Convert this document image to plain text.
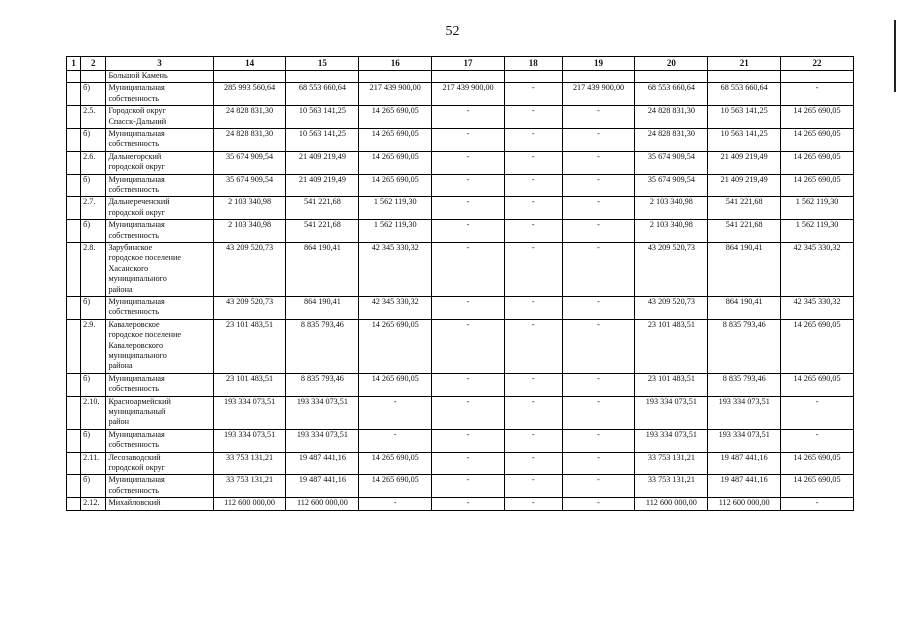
52
1	2	3	14	15	16	17	18	19	20	21	22

		Большой Камень									

	б)	Муниципальная
собственность	285 993 560,64	68 553 660,64	217 439 900,00	217 439 900,00	-	217 439 900,00	68 553 660,64	68 553 660,64	-
	2.5.	Городской округ
Спасск-Дальний	24 828 831,30	10 563 141,25	14 265 690,05	-	-	-	24 828 831,30	10 563 141,25	14 265 690,05
	б)	Муниципальная
собственность	24 828 831,30	10 563 141,25	14 265 690,05	-	-	-	24 828 831,30	10 563 141,25	14 265 690,05
	2.6.	Дальнегорский
городской округ	35 674 909,54	21 409 219,49	14 265 690,05	-	-	-	35 674 909,54	21 409 219,49	14 265 690,05
	б)	Муниципальная
собственность	35 674 909,54	21 409 219,49	14 265 690,05	-	-	-	35 674 909,54	21 409 219,49	14 265 690,05
	2.7.	Дальнереченский
городской округ	2 103 340,98	541 221,68	1 562 119,30	-	-	-	2 103 340,98	541 221,68	1 562 119,30
	б)	Муниципальная
собственность	2 103 340,98	541 221,68	1 562 119,30	-	-	-	2 103 340,98	541 221,68	1 562 119,30
	2.8.	Зарубинское
городское поселение
Хасанского
муниципального
района	43 209 520,73	864 190,41	42 345 330,32	-	-	-	43 209 520,73	864 190,41	42 345 330,32
	б)	Муниципальная
собственность	43 209 520,73	864 190,41	42 345 330,32	-	-	-	43 209 520,73	864 190,41	42 345 330,32
	2.9.	Кавалеровское
городское поселение
Кавалеровского
муниципального
района	23 101 483,51	8 835 793,46	14 265 690,05	-	-	-	23 101 483,51	8 835 793,46	14 265 690,05
	б)	Муниципальная
собственность	23 101 483,51	8 835 793,46	14 265 690,05	-	-	-	23 101 483,51	8 835 793,46	14 265 690,05
	2.10.	Красноармейский
муниципальный
район	193 334 073,51	193 334 073,51	-	-	-	-	193 334 073,51	193 334 073,51	-
	б)	Муниципальная
собственность	193 334 073,51	193 334 073,51	-	-	-	-	193 334 073,51	193 334 073,51	-
	2.11.	Лесозаводский
городской округ	33 753 131,21	19 487 441,16	14 265 690,05	-	-	-	33 753 131,21	19 487 441,16	14 265 690,05
	б)	Муниципальная
собственность	33 753 131,21	19 487 441,16	14 265 690,05	-	-	-	33 753 131,21	19 487 441,16	14 265 690,05
	2.12.	Михайловский	112 600 000,00	112 600 000,00	-	-	-	-	112 600 000,00	112 600 000,00	-
